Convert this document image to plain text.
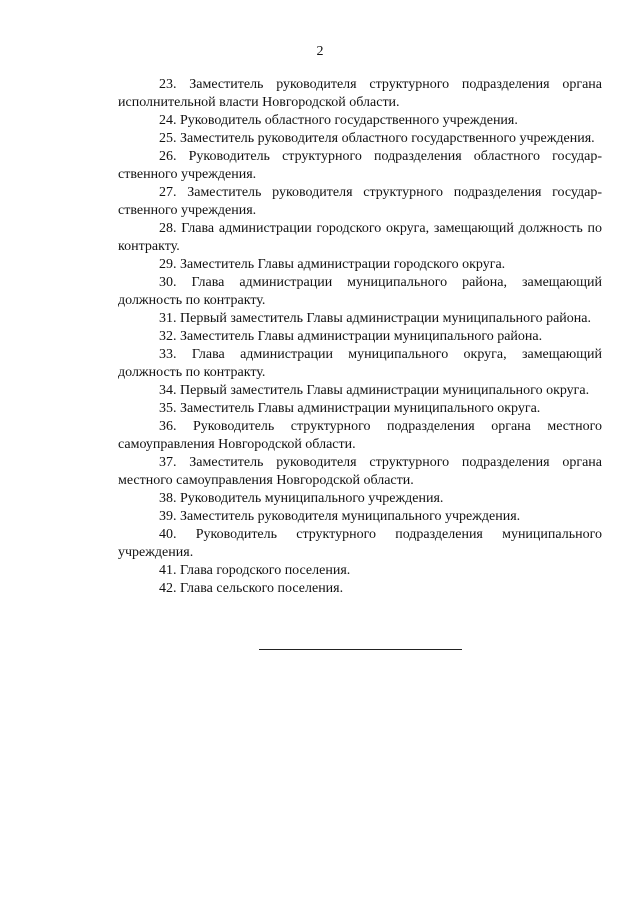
2

23. Заместитель руководителя структурного подразделения органа исполнительной власти Новгородской области.

24. Руководитель областного государственного учреждения.

25. Заместитель руководителя областного государственного учреждения.

26. Руководитель структурного подразделения областного государ-ственного учреждения.

27. Заместитель руководителя структурного подразделения государ-ственного учреждения.

28. Глава администрации городского округа, замещающий должность по контракту.

29. Заместитель Главы администрации городского округа.

30. Глава администрации муниципального района, замещающий должность по контракту.

31. Первый заместитель Главы администрации муниципального района.

32. Заместитель Главы администрации муниципального района.

33. Глава администрации муниципального округа, замещающий должность по контракту.

34. Первый заместитель Главы администрации муниципального округа.

35. Заместитель Главы администрации муниципального округа.

36. Руководитель структурного подразделения органа местного самоуправления Новгородской области.

37. Заместитель руководителя структурного подразделения органа местного самоуправления Новгородской области.

38. Руководитель муниципального учреждения.

39. Заместитель руководителя муниципального учреждения.

40. Руководитель структурного подразделения муниципального учреждения.

41. Глава городского поселения.

42. Глава сельского поселения.
